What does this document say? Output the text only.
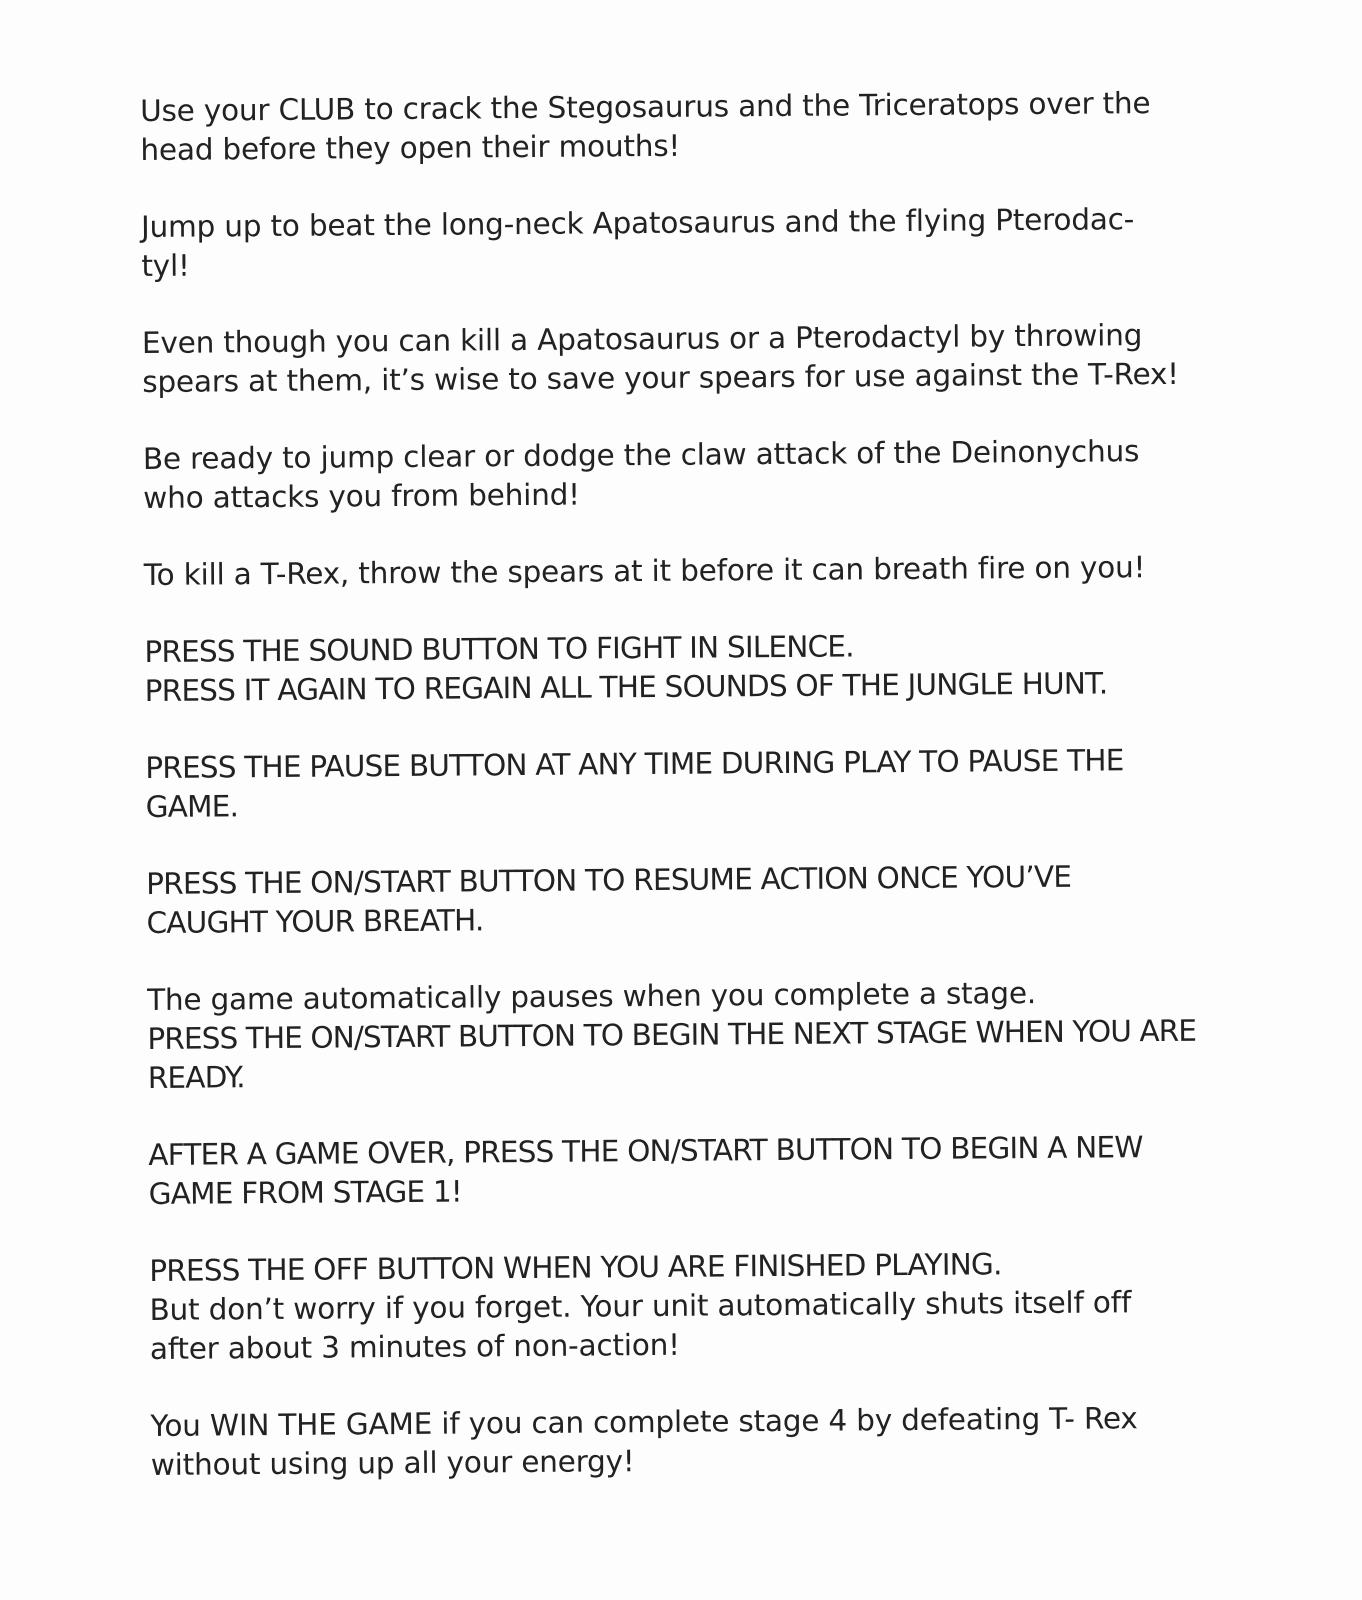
Use your CLUB to crack the Stegosaurus and the Triceratops over the
head before they open their mouths!

Jump up to beat the long-neck Apatosaurus and the flying Pterodac-
tyl!

Even though you can kill a Apatosaurus or a Pterodactyl by throwing
spears at them, it’s wise to save your spears for use against the T-Rex!

Be ready to jump clear or dodge the claw attack of the Deinonychus
who attacks you from behind!

To kill a T-Rex, throw the spears at it before it can breath fire on you!

PRESS THE SOUND BUTTON TO FIGHT IN SILENCE.
PRESS IT AGAIN TO REGAIN ALL THE SOUNDS OF THE JUNGLE HUNT.

PRESS THE PAUSE BUTTON AT ANY TIME DURING PLAY TO PAUSE THE
GAME.

PRESS THE ON/START BUTTON TO RESUME ACTION ONCE YOU’VE
CAUGHT YOUR BREATH.

The game automatically pauses when you complete a stage.
PRESS THE ON/START BUTTON TO BEGIN THE NEXT STAGE WHEN YOU ARE
READY.

AFTER A GAME OVER, PRESS THE ON/START BUTTON TO BEGIN A NEW
GAME FROM STAGE 1!

PRESS THE OFF BUTTON WHEN YOU ARE FINISHED PLAYING.
But don’t worry if you forget. Your unit automatically shuts itself off
after about 3 minutes of non-action!

You WIN THE GAME if you can complete stage 4 by defeating T- Rex
without using up all your energy!
